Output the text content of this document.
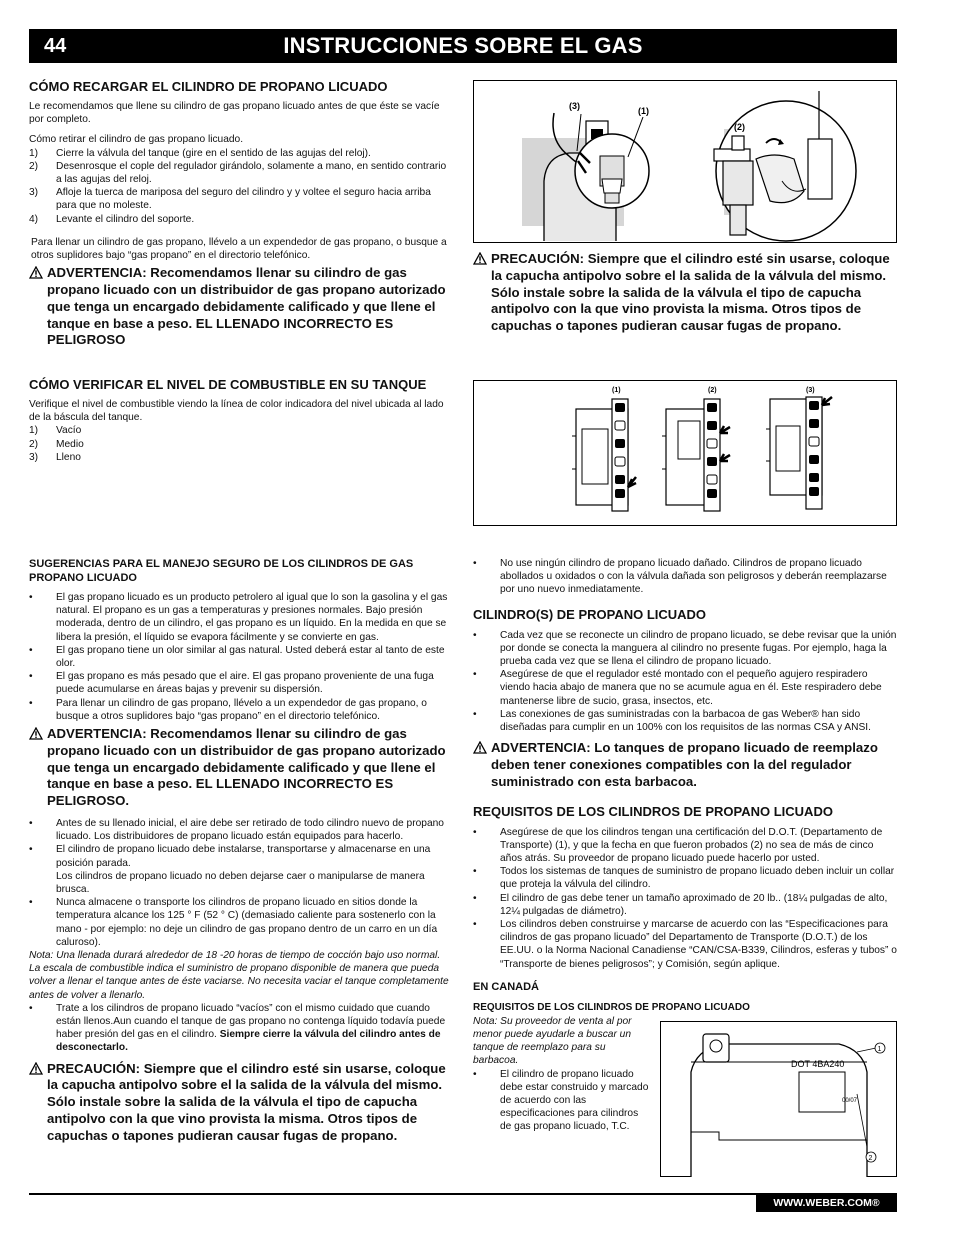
44	INSTRUCCIONES SOBRE EL GAS
CÓMO RECARGAR EL CILINDRO DE PROPANO LICUADO

Le recomendamos que llene su cilindro de gas propano licuado antes de que éste se vacíe por completo.

Cómo retirar el cilindro de gas propano licuado.

1) Cierre la válvula del tanque (gire en el sentido de las agujas del reloj).
2) Desenrosque el cople del regulador girándolo, solamente a mano, en sentido contrario a las agujas del reloj.
3) Afloje la tuerca de mariposa del seguro del cilindro y y voltee el seguro hacia arriba para que no moleste.
4) Levante el cilindro del soporte.

Para llenar un cilindro de gas propano, llévelo a un expendedor de gas propano, o busque a otros suplidores bajo “gas propano” en el directorio telefónico.

ADVERTENCIA: Recomendamos llenar su cilindro de gas propano licuado con un distribuidor de gas propano autorizado que tenga un encargado debidamente calificado y que llene el tanque en base a peso. EL LLENADO INCORRECTO ES PELIGROSO
(3)	(1)
(2)
PRECAUCIÓN: Siempre que el cilindro esté sin usarse, coloque la capucha antipolvo sobre el la salida de la válvula del mismo. Sólo instale sobre la salida de la válvula el tipo de capucha antipolvo con la que vino provista la misma. Otros tipos de capuchas o tapones pudieran causar fugas de propano.
CÓMO VERIFICAR EL NIVEL DE COMBUSTIBLE EN SU TANQUE

Verifique el nivel de combustible viendo la línea de color indicadora del nivel ubicada al lado de la báscula del tanque.

1) Vacío
2) Medio
3) Lleno
(1)	(2)	(3)
SUGERENCIAS PARA EL MANEJO SEGURO DE LOS CILINDROS DE GAS PROPANO LICUADO
• El gas propano licuado es un producto petrolero al igual que lo son la gasolina y el gas natural. El propano es un gas a temperaturas y presiones normales. Bajo presión moderada, dentro de un cilindro, el gas propano es un líquido. En la medida en que se libera la presión, el líquido se evapora fácilmente y se convierte en gas.
• El gas propano tiene un olor similar al gas natural. Usted deberá estar al tanto de este olor.
• El gas propano es más pesado que el aire. El gas propano proveniente de una fuga puede acumularse en áreas bajas y prevenir su dispersión.
• Para llenar un cilindro de gas propano, llévelo a un expendedor de gas propano, o busque a otros suplidores bajo “gas propano” en el directorio telefónico.
ADVERTENCIA: Recomendamos llenar su cilindro de gas propano licuado con un distribuidor de gas propano autorizado que tenga un encargado debidamente calificado y que llene el tanque en base a peso. EL LLENADO INCORRECTO ES PELIGROSO.
• Antes de su llenado inicial, el aire debe ser retirado de todo cilindro nuevo de propano licuado. Los distribuidores de propano licuado están equipados para hacerlo.
• El cilindro de propano licuado debe instalarse, transportarse y almacenarse en una posición parada.
Los cilindros de propano licuado no deben dejarse caer o manipularse de manera brusca.
• Nunca almacene o transporte los cilindros de propano licuado en sitios donde la temperatura alcance los 125 ° F (52 ° C) (demasiado caliente para sostenerlo con la mano - por ejemplo: no deje un cilindro de gas propano dentro de un carro en un día caluroso).

Nota: Una llenada durará alrededor de 18 -20 horas de tiempo de cocción bajo uso normal. La escala de combustible indica el suministro de propano disponible de manera que pueda volver a llenar el tanque antes de éste vaciarse. No necesita vaciar el tanque completamente antes de volver a llenarlo.

• Trate a los cilindros de propano licuado “vacíos” con el mismo cuidado que cuando están llenos.Aun cuando el tanque de gas propano no contenga líquido todavía puede haber presión del gas en el cilindro. Siempre cierre la válvula del cilindro antes de desconectarlo.
PRECAUCIÓN: Siempre que el cilindro esté sin usarse, coloque la capucha antipolvo sobre el la salida de la válvula del mismo. Sólo instale sobre la salida de la válvula el tipo de capucha antipolvo con la que vino provista la misma. Otros tipos de capuchas o tapones pudieran causar fugas de propano.
• No use ningún cilindro de propano licuado dañado. Cilindros de propano licuado abollados u oxidados o con la válvula dañada son peligrosos y deberán reemplazarse por uno nuevo inmediatamente.
CILINDRO(S) DE PROPANO LICUADO
• Cada vez que se reconecte un cilindro de propano licuado, se debe revisar que la unión por donde se conecta la manguera al cilindro no presente fugas. Por ejemplo, haga la prueba cada vez que se llena el cilindro de propano licuado.
• Asegúrese de que el regulador esté montado con el pequeño agujero respiradero viendo hacia abajo de manera que no se acumule agua en él. Este respiradero debe mantenerse libre de sucio, grasa, insectos, etc.
• Las conexiones de gas suministradas con la barbacoa de gas Weber® han sido diseñadas para cumplir en un 100% con los requisitos de las normas CSA y ANSI.
ADVERTENCIA: Lo tanques de propano licuado de reemplazo deben tener conexiones compatibles con la del regulador suministrado con esta barbacoa.
REQUISITOS DE LOS CILINDROS DE PROPANO LICUADO
• Asegúrese de que los cilindros tengan una certificación del D.O.T. (Departamento de Transporte) (1), y que la fecha en que fueron probados (2) no sea de más de cinco años atrás. Su proveedor de propano licuado puede hacerlo por usted.
• Todos los sistemas de tanques de suministro de propano licuado deben incluir un collar que proteja la válvula del cilindro.
• El cilindro de gas debe tener un tamaño aproximado de 20 lb.. (18¼ pulgadas de alto, 12¼ pulgadas de diámetro).
• Los cilindros deben construirse y marcarse de acuerdo con las “Especificaciones para cilindros de gas propano licuado” del Departamento de Transporte (D.O.T.) de los EE.UU. o la Norma Nacional Canadiense “CAN/CSA-B339, Cilindros, esferas y tubos” o “Transporte de bienes peligrosos”; y Comisión, según aplique.
EN CANADÁ
REQUISITOS DE LOS CILINDROS DE PROPANO LICUADO

Nota: Su proveedor de venta al por menor puede ayudarle a buscar un tanque de reemplazo para su barbacoa.

• El cilindro de propano licuado debe estar construido y marcado de acuerdo con las especificaciones para cilindros de gas propano licuado, T.C.
1
2
DOT 4BA240
00/07
WWW.WEBER.COM®
